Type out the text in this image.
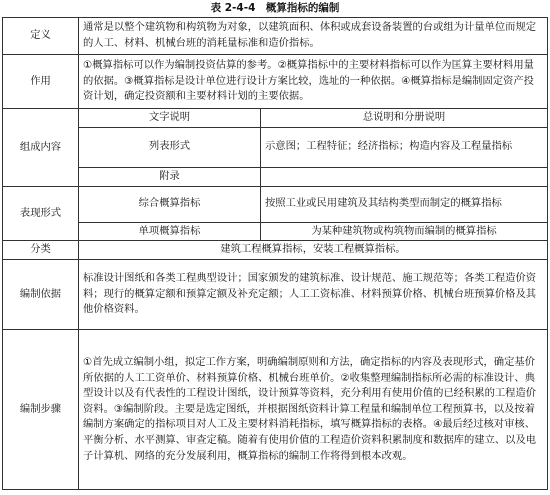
表 2-4-4　概算指标的编制
定义	通常是以整个建筑物和构筑物为对象，以建筑面积、体积或成套设备装置的台或组为计量单位而规定的人工、材料、机械台班的消耗量标准和造价指标。	
作用	①概算指标可以作为编制投资估算的参考。②概算指标中的主要材料指标可以作为匡算主要材料用量的依据。③概算指标是设计单位进行设计方案比较，选址的一种依据。④概算指标是编制固定资产投资计划，确定投资额和主要材料计划的主要依据。	
组成内容	文字说明	总说明和分册说明
	列表形式	示意图；工程特征；经济指标；构造内容及工程量指标
	附录	
表现形式	综合概算指标	按照工业或民用建筑及其结构类型而制定的概算指标
	单项概算指标	为某种建筑物或构筑物而编制的概算指标
分类	建筑工程概算指标，安装工程概算指标。	
编制依据	标准设计图纸和各类工程典型设计；国家颁发的建筑标准、设计规范、施工规范等；各类工程造价资料；现行的概算定额和预算定额及补充定额；人工工资标准、材料预算价格、机械台班预算价格及其他价格资料。	
编制步骤	①首先成立编制小组，拟定工作方案，明确编制原则和方法，确定指标的内容及表现形式，确定基价所依据的人工工资单价、材料预算价格、机械台班单价。②收集整理编制指标所必需的标准设计、典型设计以及有代表性的工程设计图纸，设计预算等资料，充分利用有使用价值的已经积累的工程造价资料。③编制阶段。主要是选定图纸，并根据图纸资料计算工程量和编制单位工程预算书，以及按着编制方案确定的指标项目对人工及主要材料消耗指标，填写概算指标的表格。④最后经过核对审核、平衡分析、水平测算、审查定稿。随着有使用价值的工程造价资料积累制度和数据库的建立、以及电子计算机、网络的充分发展利用，概算指标的编制工作将得到根本改观。	
